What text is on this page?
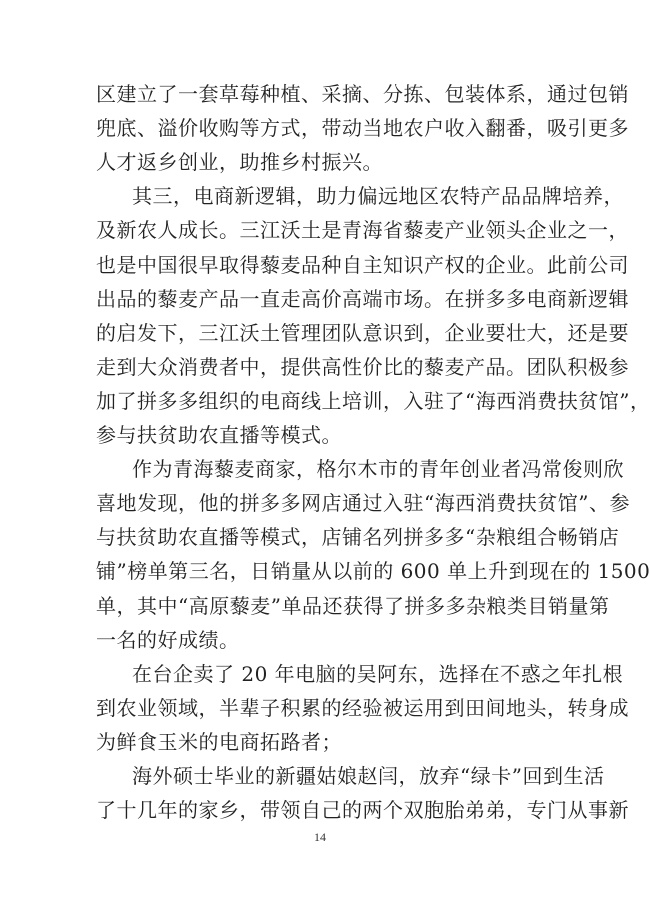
区建立了一套草莓种植、采摘、分拣、包装体系，通过包销
兜底、溢价收购等方式，带动当地农户收入翻番，吸引更多
人才返乡创业，助推乡村振兴。
其三，电商新逻辑，助力偏远地区农特产品品牌培养，
及新农人成长。三江沃土是青海省藜麦产业领头企业之一，
也是中国很早取得藜麦品种自主知识产权的企业。此前公司
出品的藜麦产品一直走高价高端市场。在拼多多电商新逻辑
的启发下，三江沃土管理团队意识到，企业要壮大，还是要
走到大众消费者中，提供高性价比的藜麦产品。团队积极参
加了拼多多组织的电商线上培训，入驻了“海西消费扶贫馆”，
参与扶贫助农直播等模式。
作为青海藜麦商家，格尔木市的青年创业者冯常俊则欣
喜地发现，他的拼多多网店通过入驻“海西消费扶贫馆”、参
与扶贫助农直播等模式，店铺名列拼多多“杂粮组合畅销店
铺”榜单第三名，日销量从以前的 600 单上升到现在的 1500
单，其中“高原藜麦”单品还获得了拼多多杂粮类目销量第
一名的好成绩。
在台企卖了 20 年电脑的吴阿东，选择在不惑之年扎根
到农业领域，半辈子积累的经验被运用到田间地头，转身成
为鲜食玉米的电商拓路者；
海外硕士毕业的新疆姑娘赵闫，放弃“绿卡”回到生活
了十几年的家乡，带领自己的两个双胞胎弟弟，专门从事新
14
